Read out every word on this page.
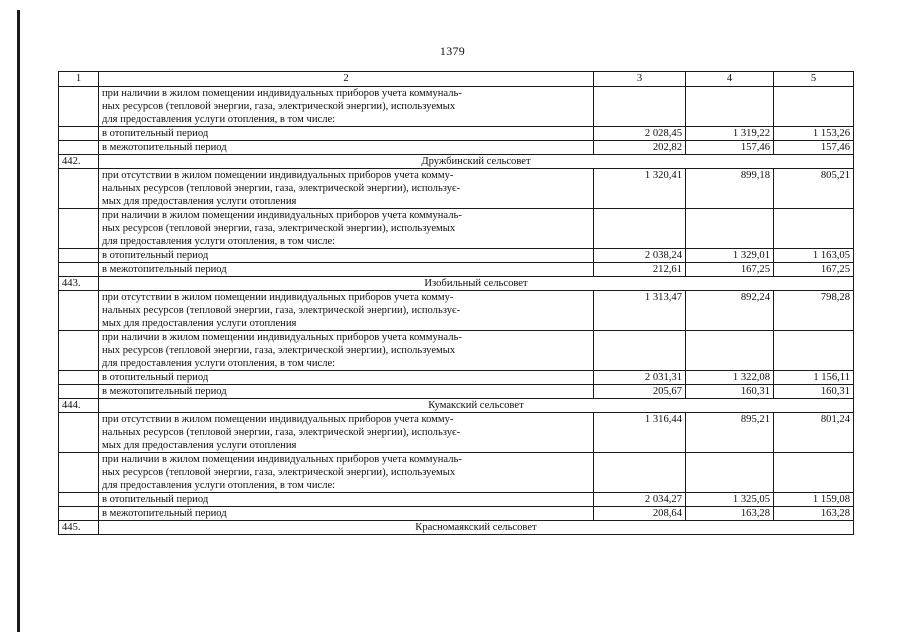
1379
1	2	3	4	5

	при наличии в жилом помещении индивидуальных приборов учета коммуналь-
ных ресурсов (тепловой энергии, газа, электрической энергии), используемых
для предоставления услуги отопления, в том числе:			

	в отопительный период	2 028,45	1 319,22	1 153,26
	в межотопительный период	202,82	157,46	157,46
442.	Дружбинский сельсовет			

	при отсутствии в жилом помещении индивидуальных приборов учета комму-
нальных ресурсов (тепловой энергии, газа, электрической энергии), использує-
мых для предоставления услуги отопления	1 320,41	899,18	805,21

	при наличии в жилом помещении индивидуальных приборов учета коммуналь-
ных ресурсов (тепловой энергии, газа, электрической энергии), используемых
для предоставления услуги отопления, в том числе:			

	в отопительный период	2 038,24	1 329,01	1 163,05
	в межотопительный период	212,61	167,25	167,25
443.	Изобильный сельсовет			

	при отсутствии в жилом помещении индивидуальных приборов учета комму-
нальных ресурсов (тепловой энергии, газа, электрической энергии), использує-
мых для предоставления услуги отопления	1 313,47	892,24	798,28

	при наличии в жилом помещении индивидуальных приборов учета коммуналь-
ных ресурсов (тепловой энергии, газа, электрической энергии), используемых
для предоставления услуги отопления, в том числе:			

	в отопительный период	2 031,31	1 322,08	1 156,11
	в межотопительный период	205,67	160,31	160,31
444.	Кумакский сельсовет			

	при отсутствии в жилом помещении индивидуальных приборов учета комму-
нальных ресурсов (тепловой энергии, газа, электрической энергии), использує-
мых для предоставления услуги отопления	1 316,44	895,21	801,24

	при наличии в жилом помещении индивидуальных приборов учета коммуналь-
ных ресурсов (тепловой энергии, газа, электрической энергии), используемых
для предоставления услуги отопления, в том числе:			

	в отопительный период	2 034,27	1 325,05	1 159,08
	в межотопительный период	208,64	163,28	163,28
445.	Красномаякский сельсовет			
